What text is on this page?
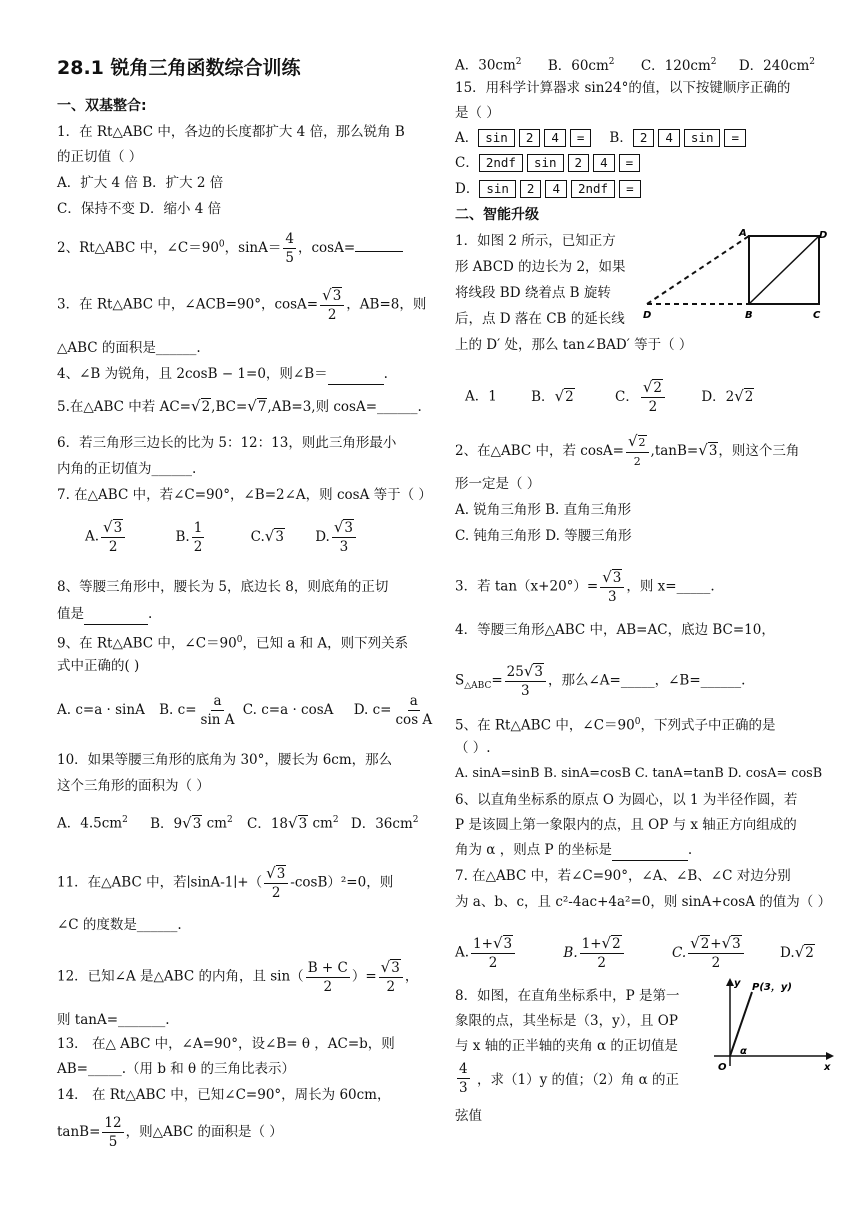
28.1 锐角三角函数综合训练
一、双基整合:
1．在 Rt△ABC 中，各边的长度都扩大 4 倍，那么锐角 B
的正切值（ ）
A．扩大 4 倍 B．扩大 2 倍
C．保持不变 D．缩小 4 倍
2、Rt△ABC 中，$\angle C=90^0$，$\sin A= \frac{4}{5}$ ，cosA=
3．在 Rt△ABC 中，∠ACB=90°，$\cos A= \frac{√3}{2}$ ，AB=8，则
△ABC 的面积是______.
4、∠B 为锐角，且 2cosB − 1=0，则∠B＝	.
5.在△ABC 中若 AC=√2,BC=√7,AB=3,则 cosA=______.
6．若三角形三边长的比为 5：12：13，则此三角形最小
内角的正切值为______.
7. 在△ABC 中，若∠C=90°，∠B=2∠A，则 cosA 等于（ ）
A. $\frac{√3}{2}$	B. $\frac{1}{2}$	C.√3 D. $\frac{√3}{3}$
8、等腰三角形中，腰长为 5，底边长 8，则底角的正切
值是	.
9、在 Rt△ABC 中，$\angle C=90^0$，已知 a 和 A，则下列关系
式中正确的( )
A. c=a · sinA B. $c= \frac{a}{\text{sin A}} C$. c=a · cosA D. $c= \frac{a}{\text{cos A}}$
10．如果等腰三角形的底角为 30°，腰长为 6cm，那么
这个三角形的面积为（ ）
A．$4.5cm^2$ B．9√3 $cm^2$ C．18√3 $cm^2$ D．$36cm^2$
11．在△ABC 中，若∣sinA-1∣+（ $\frac{√3}{2} -\cos B)^2=0$，则
∠C 的度数是______.
12．已知∠A 是△ABC 的内角，且 $\sin( \frac{B + C}{2}$ ）= $\frac{√3}{2}$ ，
则 tanA=_______.
13． 在△ ABC 中，∠A=90°，设∠B= θ ，AC=b，则
AB=_____.（用 b 和 θ 的三角比表示）
14． 在 Rt△ABC 中，已知∠C=90°，周长为 60cm，
$\tan B= \frac{12}{5}$ ，则△ABC 的面积是（ ）
A．$30cm^2$ B．$60cm^2$ C．$120cm^2$ D．$240cm^2$
15．用科学计算器求 sin24°的值，以下按键顺序正确的
是（ ）
A． sin 2 4 = B． 2 4 sin =
C． 2ndf sin 2 4 =
D． sin 2 4 2ndf =
二、智能升级
1．如图 2 所示，已知正方
形 ABCD 的边长为 2，如果
将线段 BD 绕着点 B 旋转
后，点 D 落在 CB 的延长线
上的 D′ 处，那么 tan∠BAD′ 等于（ ）
A	D
B	C
D
A．1	B．√2	C． $\frac{√2}{2}$	D．2√2
2、在△ABC 中，若 $\cos A= \frac{√2}{2} ,\tan B=√3$，则这个三角
形一定是（ ）
A. 锐角三角形 B. 直角三角形
C. 钝角三角形 D. 等腰三角形
3．若 $\tan(x+20^\circ)= \frac{√3}{3}$ ，则 x=_____.
4．等腰三角形△ABC 中，AB=AC，底边 BC=10，
$S_{\triangle ABC}= \frac{25√3}{3}$ ，那么∠A=_____，∠B=______.
5、在 Rt△ABC 中，$\angle C=90^0$，下列式子中正确的是
（ ）.
A. sinA=sinB B. sinA=cosB C. tanA=tanB D. cosA= cosB
6、以直角坐标系的原点 O 为圆心，以 1 为半径作圆，若
P 是该圆上第一象限内的点，且 OP 与 x 轴正方向组成的
角为 α ，则点 P 的坐标是	.
7. 在△ABC 中，若∠C=90°，∠A、∠B、∠C 对边分别
为 a、b、c，且 c²-4ac+4a²=0，则 sinA+cosA 的值为（ ）
A. $\frac{1+√3}{2}$	B. $\frac{1+√2}{2}$	C. $\frac{√2+√3}{2}$	D.√2
8．如图，在直角坐标系中，P 是第一
象限的点，其坐标是（3，y），且 OP
与 x 轴的正半轴的夹角 α 的正切值是
$\frac{4}{3}$ ，求（1）y 的值；（2）角 α 的正
弦值
P(3，y)
y
O	x
α
